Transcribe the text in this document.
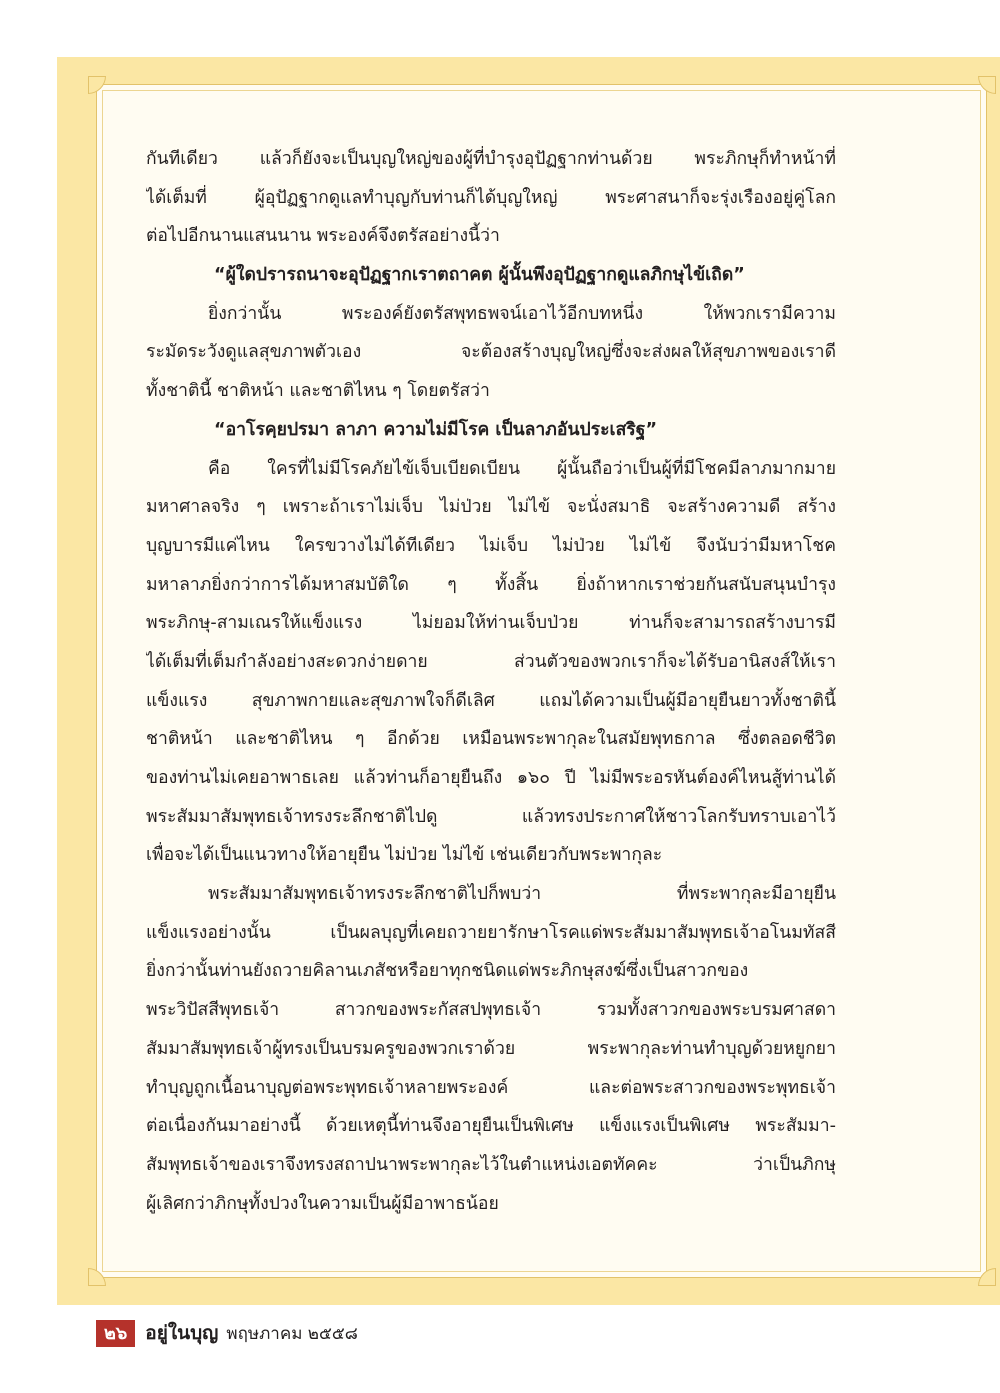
กันทีเดียว แล้วก็ยังจะเป็นบุญใหญ่ของผู้ที่บำรุงอุปัฏฐากท่านด้วย พระภิกษุก็ทำหน้าที่
ได้เต็มที่ ผู้อุปัฏฐากดูแลทำบุญกับท่านก็ได้บุญใหญ่ พระศาสนาก็จะรุ่งเรืองอยู่คู่โลก
ต่อไปอีกนานแสนนาน พระองค์จึงตรัสอย่างนี้ว่า
“ผู้ใดปรารถนาจะอุปัฏฐากเราตถาคต ผู้นั้นพึงอุปัฏฐากดูแลภิกษุไข้เถิด”
ยิ่งกว่านั้น พระองค์ยังตรัสพุทธพจน์เอาไว้อีกบทหนึ่ง ให้พวกเรามีความ
ระมัดระวังดูแลสุขภาพตัวเอง จะต้องสร้างบุญใหญ่ซึ่งจะส่งผลให้สุขภาพของเราดี
ทั้งชาตินี้ ชาติหน้า และชาติไหน ๆ โดยตรัสว่า
“อาโรคฺยปรมา ลาภา ความไม่มีโรค เป็นลาภอันประเสริฐ”
คือ ใครที่ไม่มีโรคภัยไข้เจ็บเบียดเบียน ผู้นั้นถือว่าเป็นผู้ที่มีโชคมีลาภมากมาย
มหาศาลจริง ๆ เพราะถ้าเราไม่เจ็บ ไม่ป่วย ไม่ไข้ จะนั่งสมาธิ จะสร้างความดี สร้าง
บุญบารมีแค่ไหน ใครขวางไม่ได้ทีเดียว ไม่เจ็บ ไม่ป่วย ไม่ไข้ จึงนับว่ามีมหาโชค
มหาลาภยิ่งกว่าการได้มหาสมบัติใด ๆ ทั้งสิ้น ยิ่งถ้าหากเราช่วยกันสนับสนุนบำรุง
พระภิกษุ-สามเณรให้แข็งแรง ไม่ยอมให้ท่านเจ็บป่วย ท่านก็จะสามารถสร้างบารมี
ได้เต็มที่เต็มกำลังอย่างสะดวกง่ายดาย ส่วนตัวของพวกเราก็จะได้รับอานิสงส์ให้เรา
แข็งแรง สุขภาพกายและสุขภาพใจก็ดีเลิศ แถมได้ความเป็นผู้มีอายุยืนยาวทั้งชาตินี้
ชาติหน้า และชาติไหน ๆ อีกด้วย เหมือนพระพากุละในสมัยพุทธกาล ซึ่งตลอดชีวิต
ของท่านไม่เคยอาพาธเลย แล้วท่านก็อายุยืนถึง ๑๖๐ ปี ไม่มีพระอรหันต์องค์ไหนสู้ท่านได้
พระสัมมาสัมพุทธเจ้าทรงระลึกชาติไปดู แล้วทรงประกาศให้ชาวโลกรับทราบเอาไว้
เพื่อจะได้เป็นแนวทางให้อายุยืน ไม่ป่วย ไม่ไข้ เช่นเดียวกับพระพากุละ
พระสัมมาสัมพุทธเจ้าทรงระลึกชาติไปก็พบว่า ที่พระพากุละมีอายุยืน
แข็งแรงอย่างนั้น เป็นผลบุญที่เคยถวายยารักษาโรคแด่พระสัมมาสัมพุทธเจ้าอโนมทัสสี
ยิ่งกว่านั้นท่านยังถวายคิลานเภสัชหรือยาทุกชนิดแด่พระภิกษุสงฆ์ซึ่งเป็นสาวกของ
พระวิปัสสีพุทธเจ้า สาวกของพระกัสสปพุทธเจ้า รวมทั้งสาวกของพระบรมศาสดา
สัมมาสัมพุทธเจ้าผู้ทรงเป็นบรมครูของพวกเราด้วย พระพากุละท่านทำบุญด้วยหยูกยา
ทำบุญถูกเนื้อนาบุญต่อพระพุทธเจ้าหลายพระองค์ และต่อพระสาวกของพระพุทธเจ้า
ต่อเนื่องกันมาอย่างนี้ ด้วยเหตุนี้ท่านจึงอายุยืนเป็นพิเศษ แข็งแรงเป็นพิเศษ พระสัมมา-
สัมพุทธเจ้าของเราจึงทรงสถาปนาพระพากุละไว้ในตำแหน่งเอตทัคคะ ว่าเป็นภิกษุ
ผู้เลิศกว่าภิกษุทั้งปวงในความเป็นผู้มีอาพาธน้อย
๒๖ อยู่ในบุญ พฤษภาคม ๒๕๕๘
